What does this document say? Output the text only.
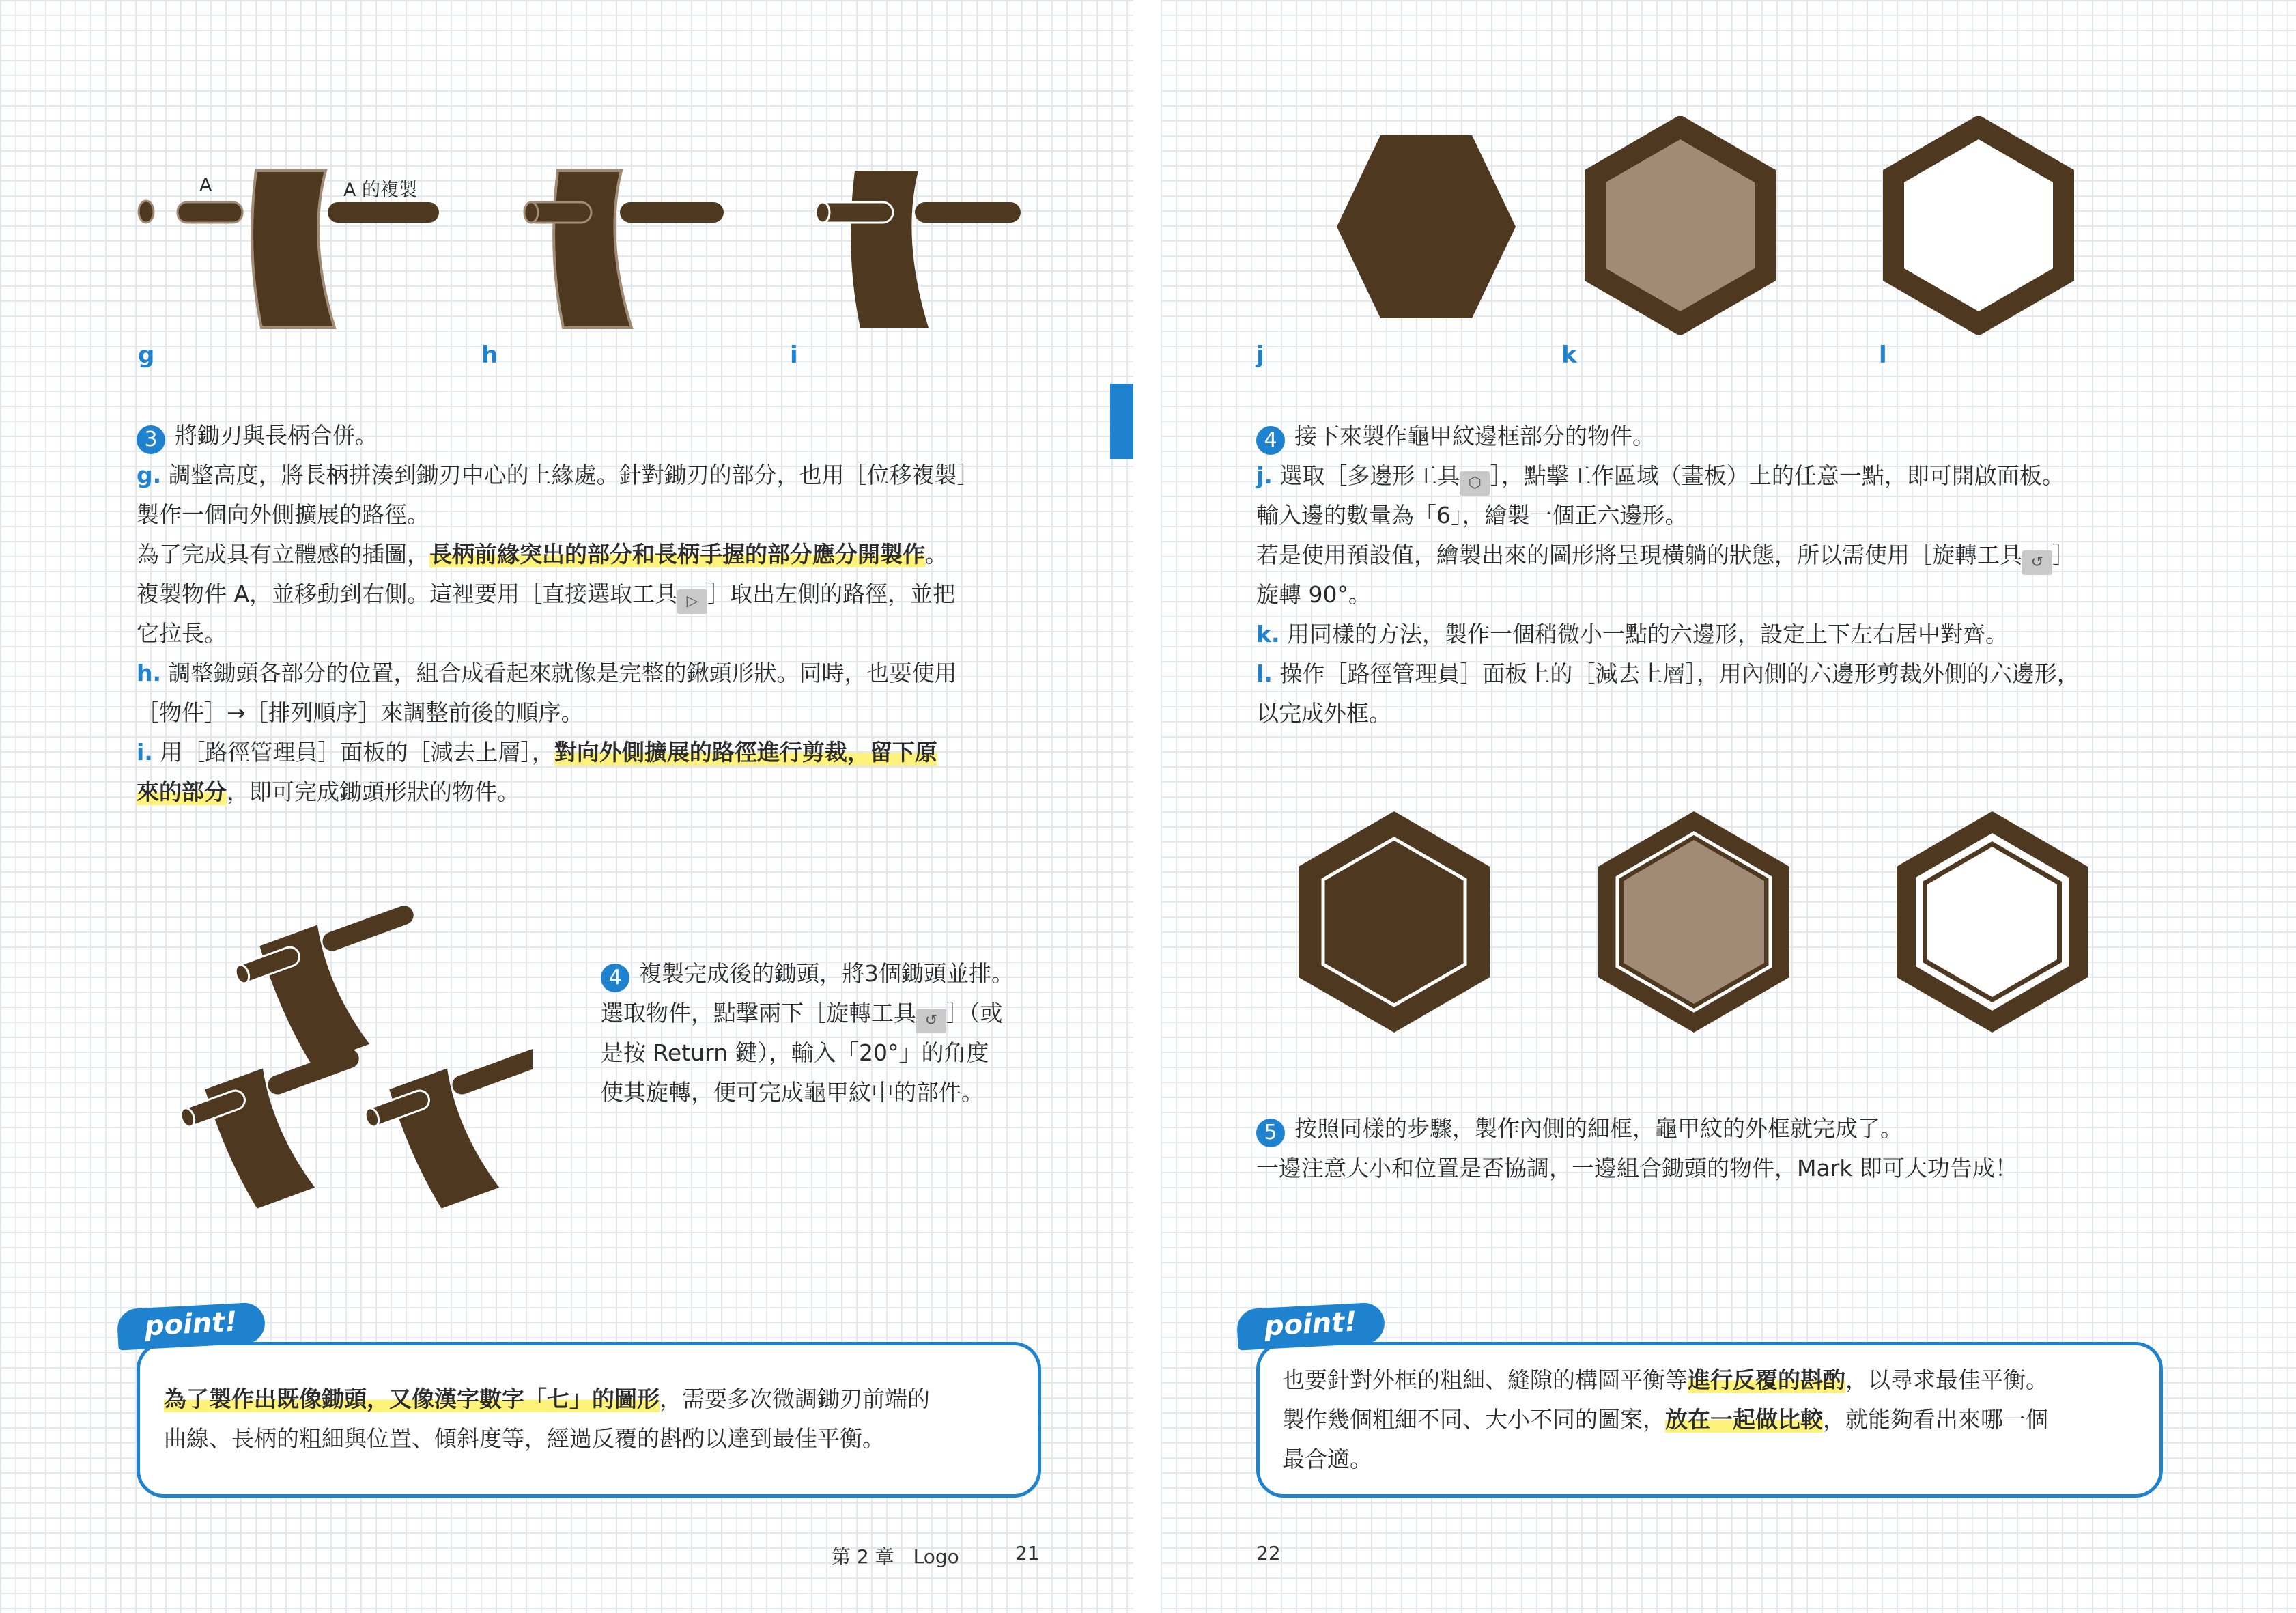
A	A 的複製
g	h	i

3 將鋤刃與長柄合併。

g. 調整高度，將長柄拼湊到鋤刃中心的上緣處。針對鋤刃的部分，也用［位移複製］

製作一個向外側擴展的路徑。

為了完成具有立體感的插圖，長柄前緣突出的部分和長柄手握的部分應分開製作。

複製物件 A，並移動到右側。這裡要用［直接選取工具 ▷ ］取出左側的路徑，並把

它拉長。

h. 調整鋤頭各部分的位置，組合成看起來就像是完整的鍬頭形狀。同時，也要使用

［物件］→［排列順序］來調整前後的順序。

i. 用［路徑管理員］面板的［減去上層］，對向外側擴展的路徑進行剪裁，留下原

來的部分，即可完成鋤頭形狀的物件。

4 複製完成後的鋤頭，將3個鋤頭並排。

選取物件，點擊兩下［旋轉工具 ↺ ］（或

是按 Return 鍵），輸入「20°」的角度

使其旋轉，便可完成龜甲紋中的部件。

point!

為了製作出既像鋤頭，又像漢字數字「七」的圖形，需要多次微調鋤刃前端的

曲線、長柄的粗細與位置、傾斜度等，經過反覆的斟酌以達到最佳平衡。

第 2 章　Logo	21
j	k	l

4 接下來製作龜甲紋邊框部分的物件。

j. 選取［多邊形工具 ⬡ ］，點擊工作區域（畫板）上的任意一點，即可開啟面板。

輸入邊的數量為「6」，繪製一個正六邊形。

若是使用預設值，繪製出來的圖形將呈現橫躺的狀態，所以需使用［旋轉工具 ↺ ］

旋轉 90°。

k. 用同樣的方法，製作一個稍微小一點的六邊形，設定上下左右居中對齊。

l. 操作［路徑管理員］面板上的［減去上層］，用內側的六邊形剪裁外側的六邊形，

以完成外框。

5 按照同樣的步驟，製作內側的細框，龜甲紋的外框就完成了。

一邊注意大小和位置是否協調，一邊組合鋤頭的物件，Mark 即可大功告成！

point!

也要針對外框的粗細、縫隙的構圖平衡等進行反覆的斟酌，以尋求最佳平衡。

製作幾個粗細不同、大小不同的圖案，放在一起做比較，就能夠看出來哪一個

最合適。

22
